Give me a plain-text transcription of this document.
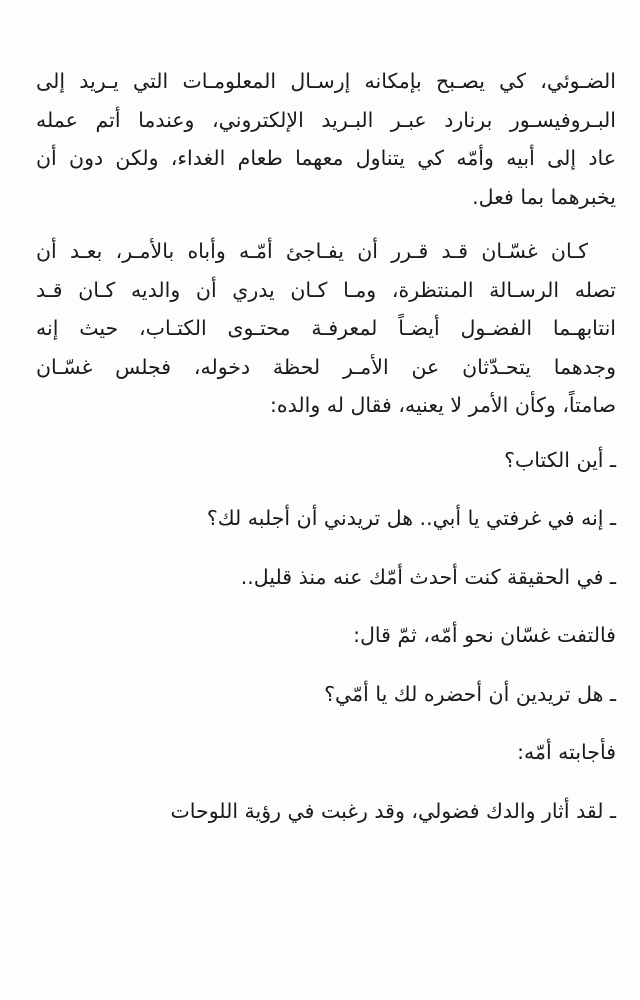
الضـوئي، كي يصـبح بإمكانه إرسـال المعلومـات التي يـريد إلى
البـروفيسـور برنارد عبـر البـريد الإلكتروني، وعندما أتم عمله
عاد إلى أبيه وأمّه كي يتناول معهما طعام الغداء، ولكن دون أن
يخبرهما بما فعل.

كـان غسّـان قـد قـرر أن يفـاجئ أمّـه وأباه بالأمـر، بعـد أن
تصله الرسـالة المنتظرة، ومـا كـان يدري أن والديه كـان قـد
انتابهـما الفضـول أيضـاً لمعرفـة محتـوى الكتـاب، حيث إنه
وجدهما يتحـدّثان عن الأمـر لحظة دخوله، فجلس غسّـان
صامتاً، وكأن الأمر لا يعنيه، فقال له والده:

ـ أين الكتاب؟

ـ إنه في غرفتي يا أبي.. هل تريدني أن أجلبه لك؟

ـ في الحقيقة كنت أحدث أمّك عنه منذ قليل..

فالتفت غسّان نحو أمّه، ثمّ قال:

ـ هل تريدين أن أحضره لك يا أمّي؟

فأجابته أمّه:

ـ لقد أثار والدك فضولي، وقد رغبت في رؤية اللوحات
